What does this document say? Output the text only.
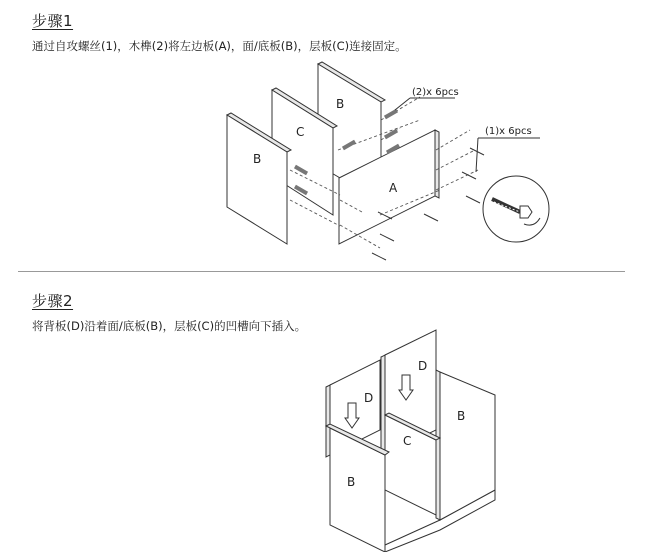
步骤1
通过自攻螺丝(1)，木榫(2)将左边板(A)，面/底板(B)，层板(C)连接固定。
B
C
B
A
(2)x 6pcs
(1)x 6pcs
B
D
C
D
B
步骤2
将背板(D)沿着面/底板(B)，层板(C)的凹槽向下插入。
